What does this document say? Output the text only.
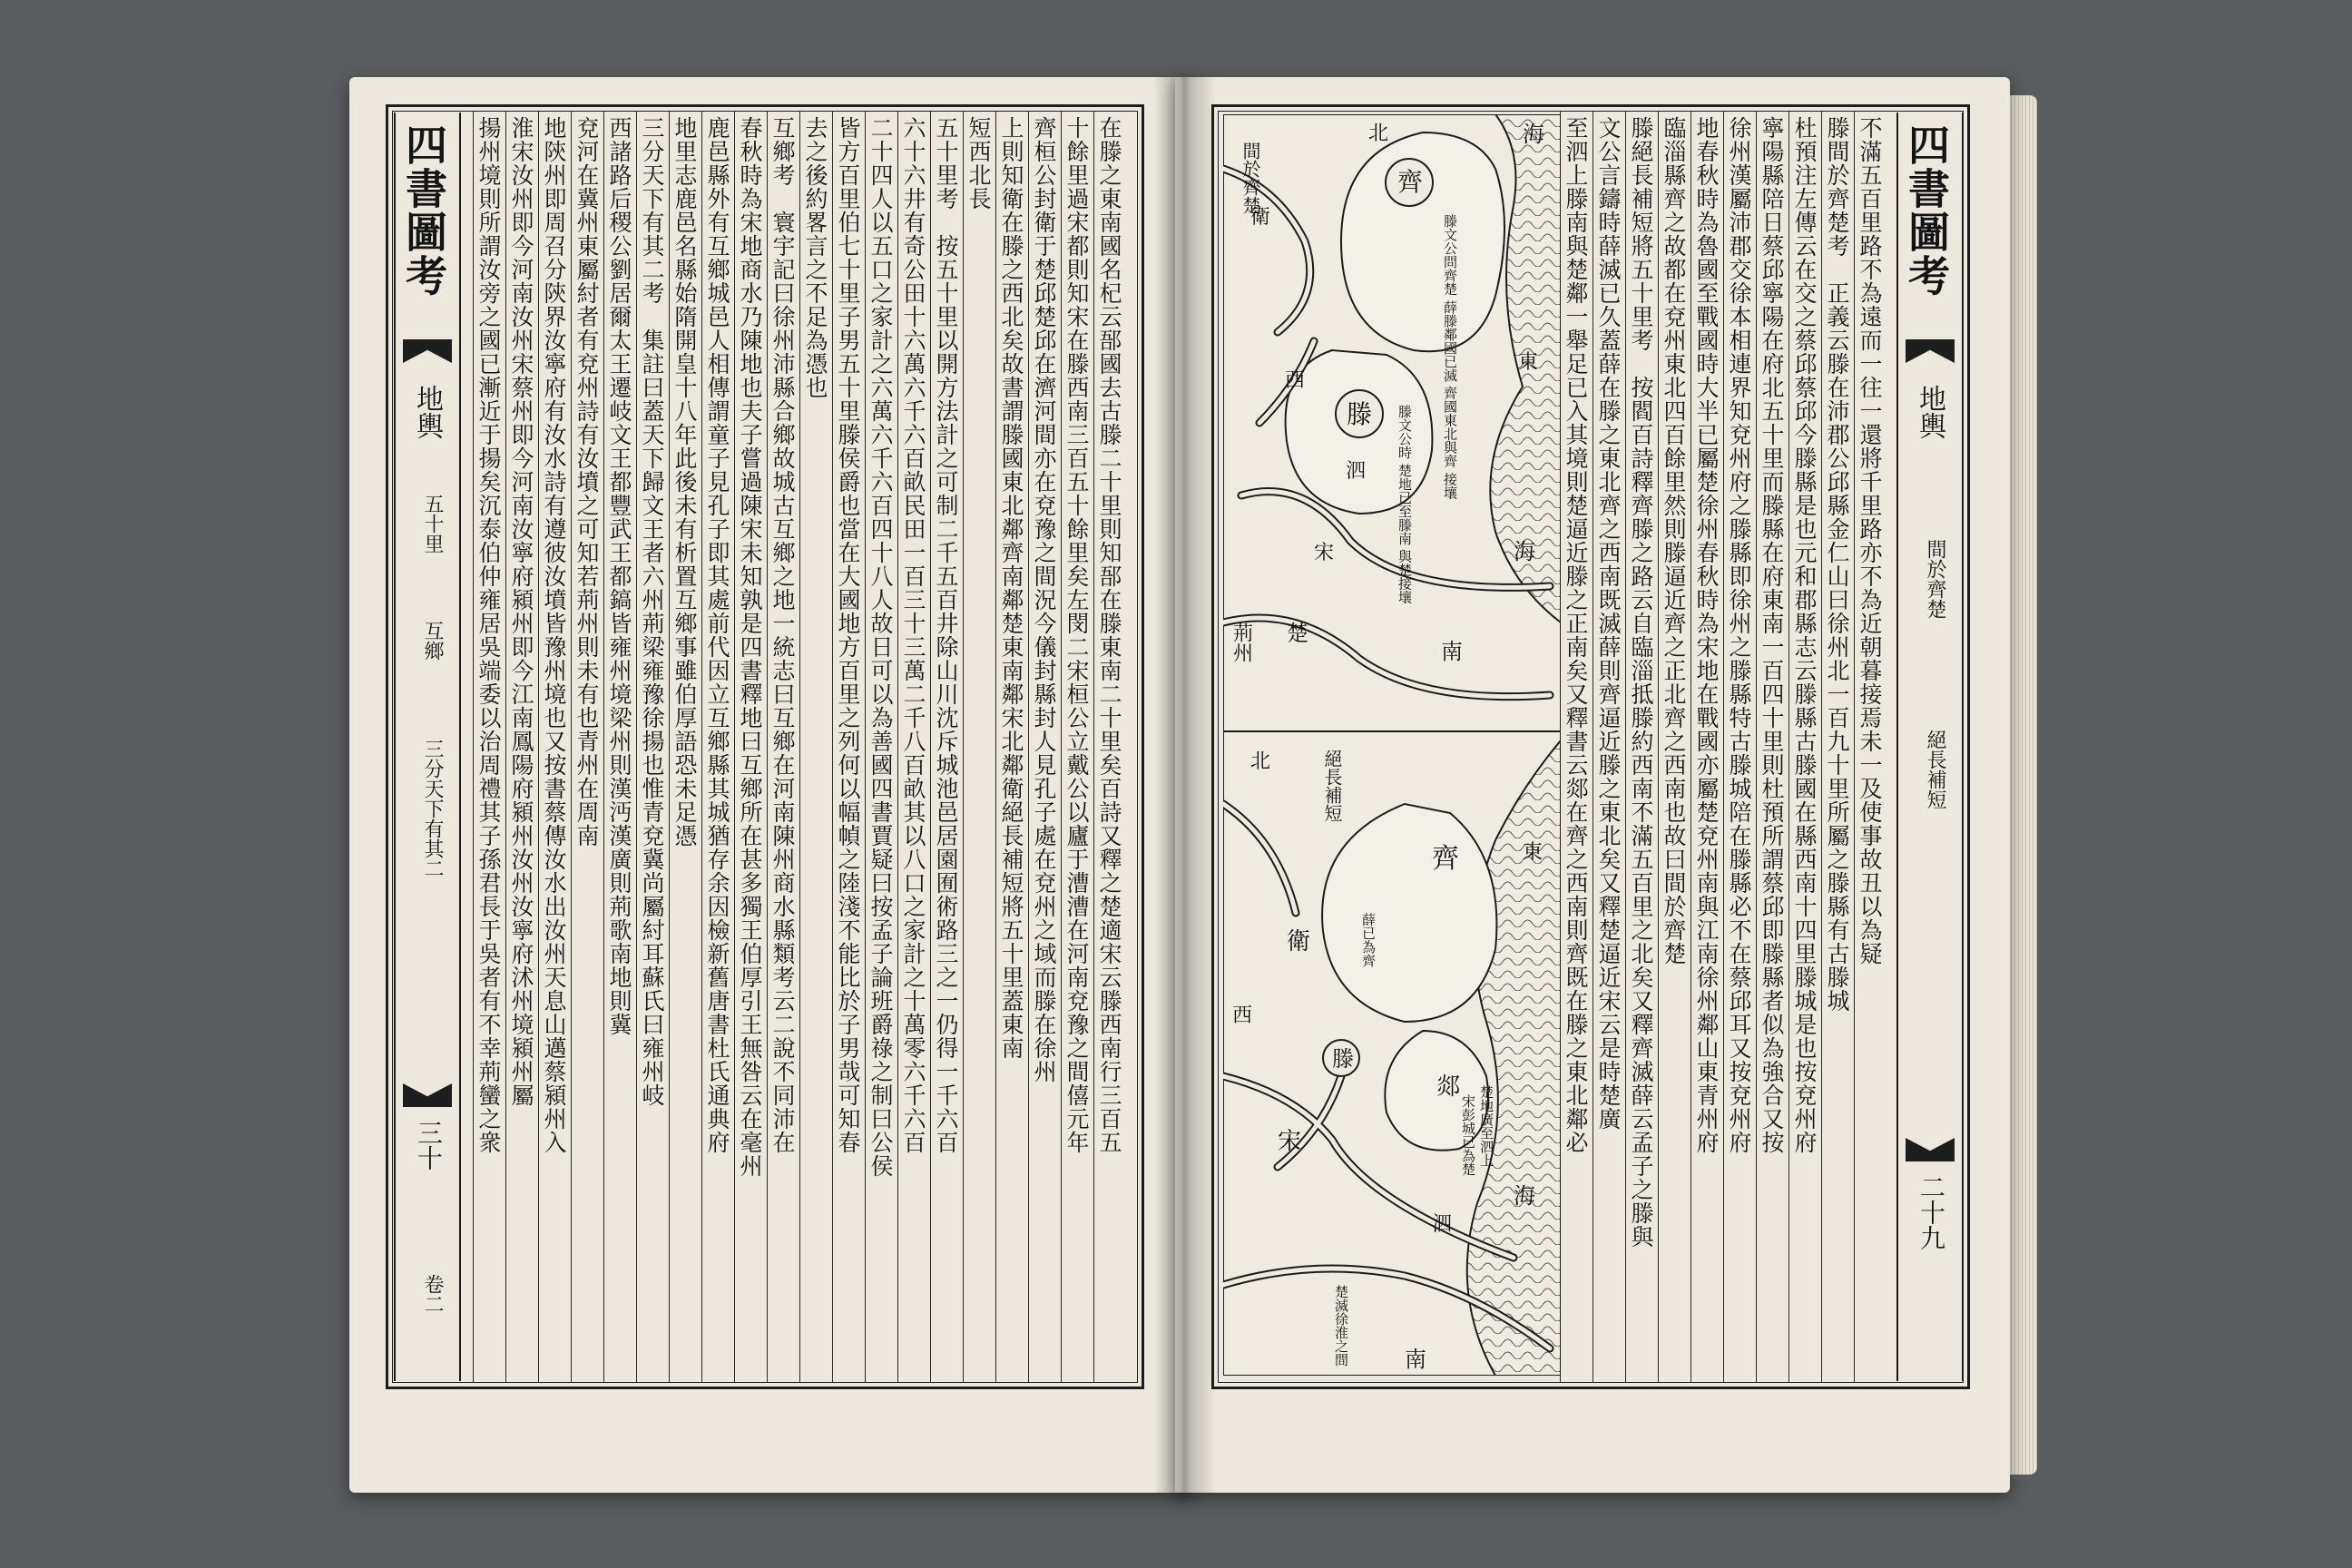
在滕之東南國名杞云郚國去古滕二十里則知郚在滕東南二十里矣百詩又釋之楚適宋云滕西南行三百五
十餘里過宋都則知宋在滕西南三百五十餘里矣左閔二宋桓公立戴公以廬于漕漕在河南兗豫之間僖元年
齊桓公封衛于楚邱楚邱在濟河間亦在兗豫之間況今儀封縣封人見孔子處在兗州之域而滕在徐州
上則知衛在滕之西北矣故書謂滕國東北鄰齊南鄰楚東南鄰宋北鄰衛絕長補短將五十里蓋東南
短西北長
五十里考　按五十里以開方法計之可制二千五百井除山川沈斥城池邑居園囿術路三之一仍得一千六百
六十六井有奇公田十六萬六千六百畝民田一百三十三萬二千八百畝其以八口之家計之十萬零六千六百
二十四人以五口之家計之六萬六千六百四十八人故日可以為善國四書賈疑曰按孟子論班爵祿之制曰公侯
皆方百里伯七十里子男五十里滕侯爵也當在大國地方百里之列何以幅幀之陸淺不能比於子男哉可知春
去之後約畧言之不足為憑也
互鄉考　寰宇記曰徐州沛縣合鄉故城古互鄉之地一統志曰互鄉在河南陳州商水縣類考云二說不同沛在
春秋時為宋地商水乃陳地也夫子嘗過陳宋未知孰是四書釋地曰互鄉所在甚多獨王伯厚引王無咎云在毫州
鹿邑縣外有互鄉城邑人相傳謂童子見孔子即其處前代因立互鄉縣其城猶存余因檢新舊唐書杜氏通典府
地里志鹿邑名縣始隋開皇十八年此後未有析置互鄉事雖伯厚語恐未足憑
三分天下有其二考　集註曰蓋天下歸文王者六州荊梁雍豫徐揚也惟青兗冀尚屬紂耳蘇氏曰雍州岐
西諸路后稷公劉居爾太王遷岐文王都豐武王都鎬皆雍州境梁州則漢沔漢廣則荊歌南地則冀
兗河在冀州東屬紂者有兗州詩有汝墳之可知若荊州則未有也青州在周南
地陝州即周召分陝界汝寧府有汝水詩有遵彼汝墳皆豫州境也又按書蔡傳汝水出汝州天息山邁蔡潁州入
淮宋汝州即今河南汝州宋蔡州即今河南汝寧府潁州即今江南鳳陽府潁州汝州汝寧府沭州境潁州屬
揚州境則所謂汝旁之國已漸近于揚矣沉泰伯仲雍居吳端委以治周禮其子孫君長于吳者有不幸荊蠻之衆
四書圖考
地輿
五十里
互鄉
三分天下有其二
三十
卷二
四書圖考
地輿
間於齊楚
絕長補短
二十九
不滿五百里路不為遠而一往一還將千里路亦不為近朝暮接焉未一及使事故丑以為疑
滕間於齊楚考　正義云滕在沛郡公邱縣金仁山曰徐州北一百九十里所屬之滕縣有古滕城
杜預注左傳云在交之蔡邱蔡邱今滕縣是也元和郡縣志云滕縣古滕國在縣西南十四里滕城是也按兗州府
寧陽縣陪日蔡邱寧陽在府北五十里而滕縣在府東南一百四十里則杜預所謂蔡邱即滕縣者似為強合又按
徐州漢屬沛郡交徐本相連界知兗州府之滕縣即徐州之滕縣特古滕城陪在滕縣必不在蔡邱耳又按兗州府
地春秋時為魯國至戰國時大半已屬楚徐州春秋時為宋地在戰國亦屬楚兗州南與江南徐州鄰山東青州府
臨淄縣齊之故都在兗州東北四百餘里然則滕逼近齊之正北齊之西南也故曰間於齊楚
滕絕長補短將五十里考　按閻百詩釋齊滕之路云自臨淄抵滕約西南不滿五百里之北矣又釋齊滅薛云孟子之滕與
文公言鑄時薛滅已久蓋薛在滕之東北齊之西南既滅薛則齊逼近滕之東北矣又釋楚逼近宋云是時楚廣
至泗上滕南與楚鄰一舉足已入其境則楚逼近滕之正南矣又釋書云郯在齊之西南則齊既在滕之東北鄰必
間於齊楚	齊
滕文公問齊楚 薛滕鄰國已滅 齊國東北與齊 接壤
滕 滕文公時 楚地已至滕南 與楚接壤
海
海
北
南
東
西
衛
宋
泗
楚
荊州
絕長補短
齊
薛已為齊
滕
衛
宋
郯
海
北
南
東
西
泗
楚地廣至泗上
宋彭城已為楚
楚滅徐淮之間
